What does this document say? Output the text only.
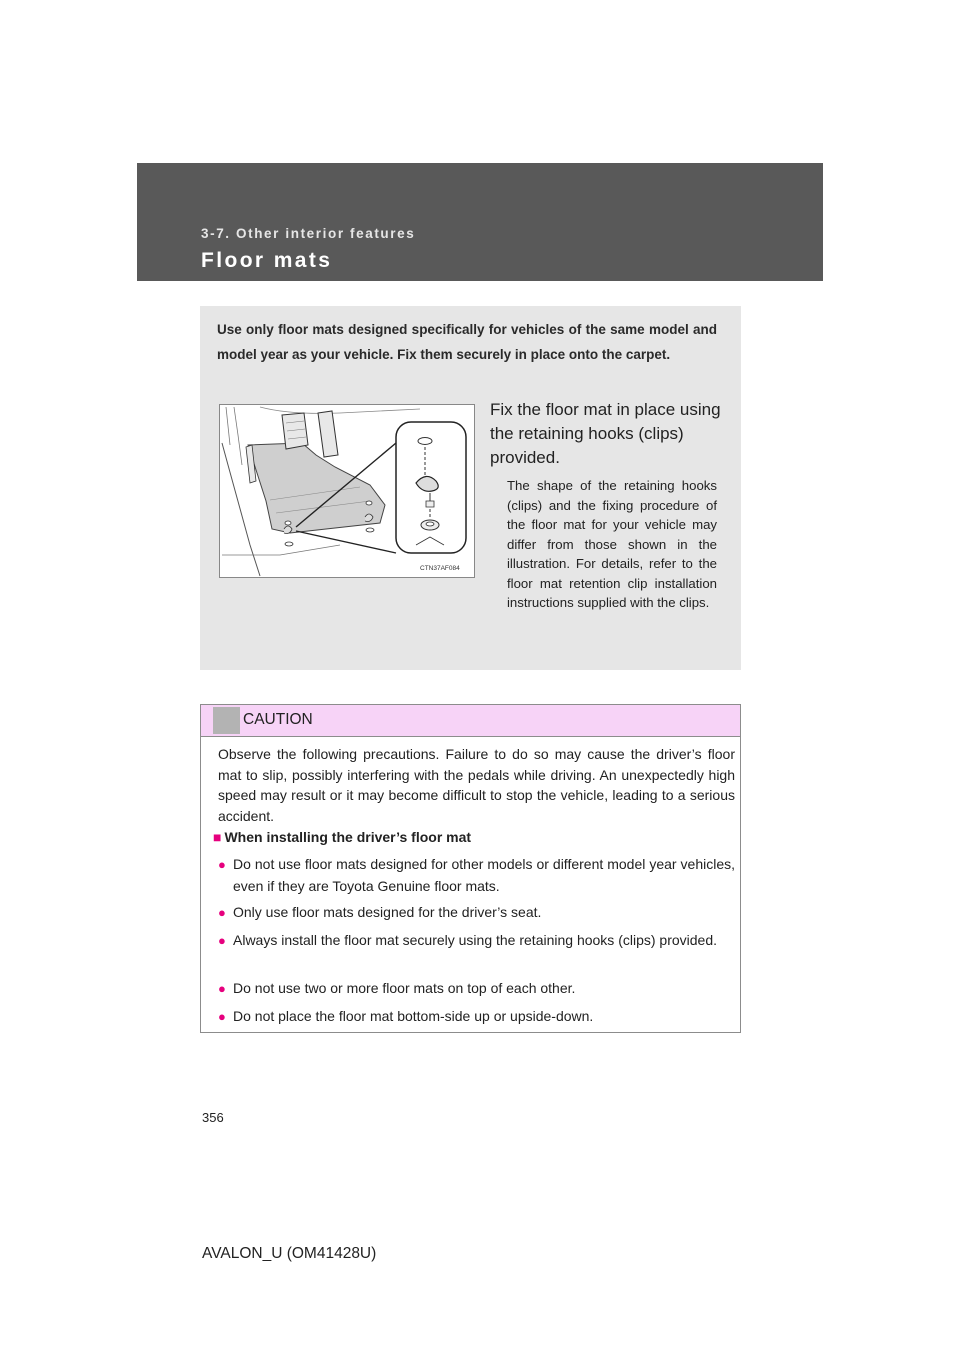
3-7. Other interior features
Floor mats
Use only floor mats designed specifically for vehicles of the same model and model year as your vehicle. Fix them securely in place onto the carpet.
CTN37AF084
Fix the floor mat in place using the retaining hooks (clips) provided.
The shape of the retaining hooks (clips) and the fixing procedure of the floor mat for your vehicle may differ from those shown in the illustration. For details, refer to the floor mat retention clip installation instructions supplied with the clips.
CAUTION
Observe the following precautions. Failure to do so may cause the driver’s floor mat to slip, possibly interfering with the pedals while driving. An unexpectedly high speed may result or it may become difficult to stop the vehicle, leading to a serious accident.
■ When installing the driver’s floor mat
● Do not use floor mats designed for other models or different model year vehicles, even if they are Toyota Genuine floor mats.
● Only use floor mats designed for the driver’s seat.
● Always install the floor mat securely using the retaining hooks (clips) provided.
● Do not use two or more floor mats on top of each other.
● Do not place the floor mat bottom-side up or upside-down.
356
AVALON_U (OM41428U)
